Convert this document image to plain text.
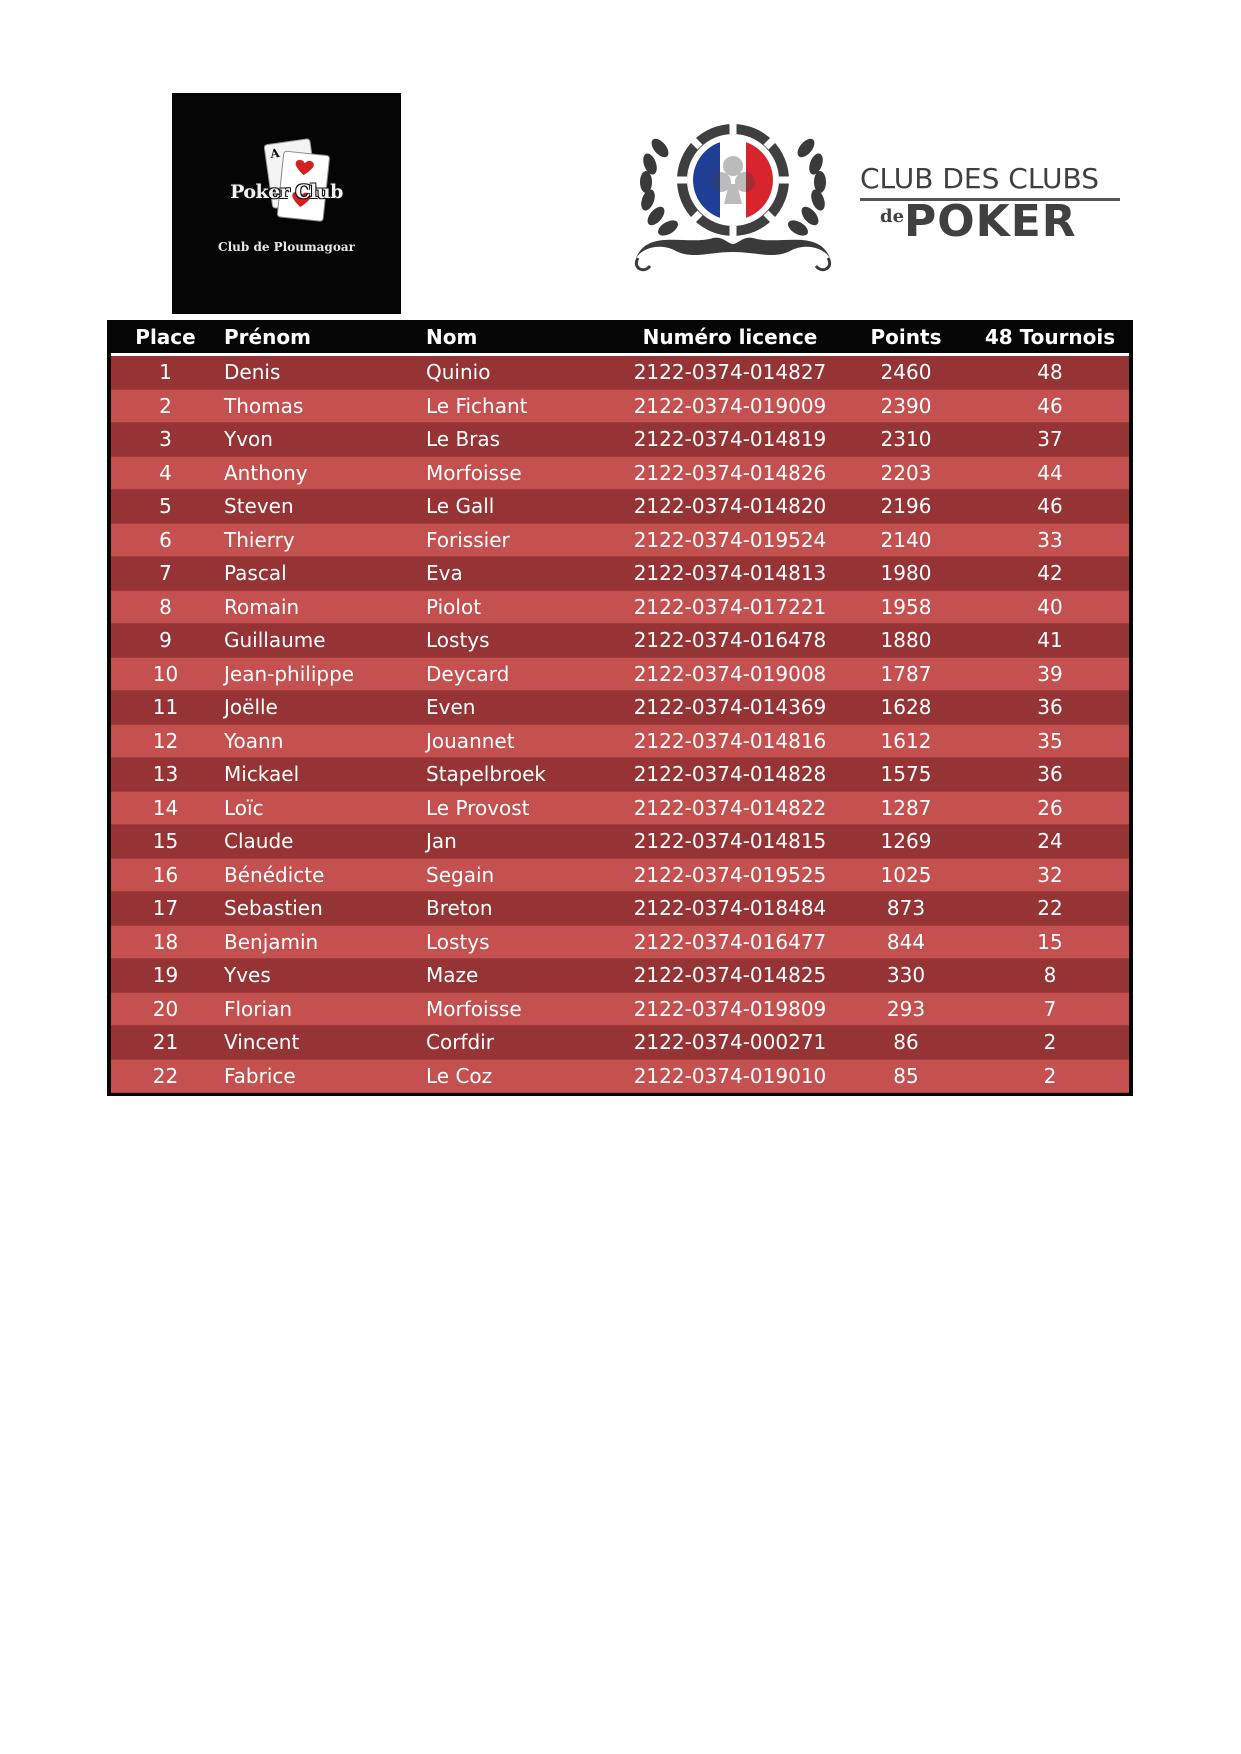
A
Poker Club
Club de Ploumagoar
CLUB DES CLUBS
de POKER
Place	Prénom	Nom	Numéro licence	Points	48 Tournois
1	Denis	Quinio	2122-0374-014827	2460	48
2	Thomas	Le Fichant	2122-0374-019009	2390	46
3	Yvon	Le Bras	2122-0374-014819	2310	37
4	Anthony	Morfoisse	2122-0374-014826	2203	44
5	Steven	Le Gall	2122-0374-014820	2196	46
6	Thierry	Forissier	2122-0374-019524	2140	33
7	Pascal	Eva	2122-0374-014813	1980	42
8	Romain	Piolot	2122-0374-017221	1958	40
9	Guillaume	Lostys	2122-0374-016478	1880	41
10	Jean-philippe	Deycard	2122-0374-019008	1787	39
11	Joëlle	Even	2122-0374-014369	1628	36
12	Yoann	Jouannet	2122-0374-014816	1612	35
13	Mickael	Stapelbroek	2122-0374-014828	1575	36
14	Loïc	Le Provost	2122-0374-014822	1287	26
15	Claude	Jan	2122-0374-014815	1269	24
16	Bénédicte	Segain	2122-0374-019525	1025	32
17	Sebastien	Breton	2122-0374-018484	873	22
18	Benjamin	Lostys	2122-0374-016477	844	15
19	Yves	Maze	2122-0374-014825	330	8
20	Florian	Morfoisse	2122-0374-019809	293	7
21	Vincent	Corfdir	2122-0374-000271	86	2
22	Fabrice	Le Coz	2122-0374-019010	85	2
